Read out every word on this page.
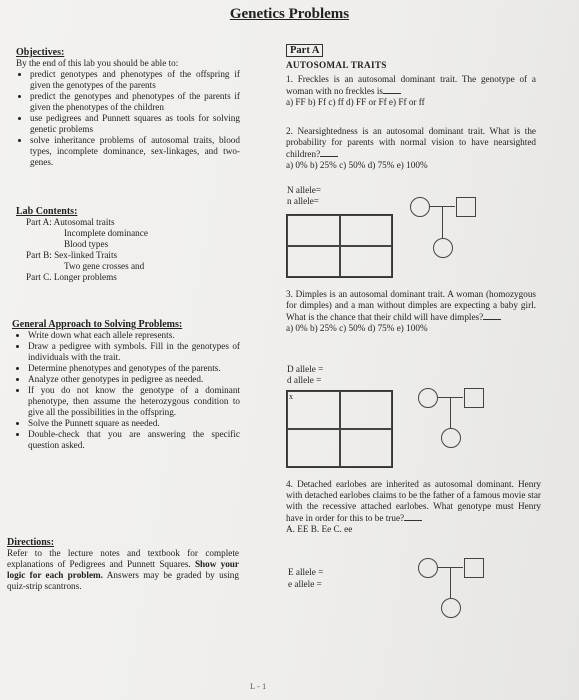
Genetics Problems
Objectives:
By the end of this lab you should be able to:
• predict genotypes and phenotypes of the offspring if given the genotypes of the parents
• predict the genotypes and phenotypes of the parents if given the phenotypes of the children
• use pedigrees and Punnett squares as tools for solving genetic problems
• solve inheritance problems of autosomal traits, blood types, incomplete dominance, sex-linkages, and two-genes.
Lab Contents:
Part A: Autosomal traits
Incomplete dominance
Blood types
Part B: Sex-linked Traits
Two gene crosses and
Part C. Longer problems
General Approach to Solving Problems:
• Write down what each allele represents.
• Draw a pedigree with symbols. Fill in the genotypes of individuals with the trait.
• Determine phenotypes and genotypes of the parents.
• Analyze other genotypes in pedigree as needed.
• If you do not know the genotype of a dominant phenotype, then assume the heterozygous condition to give all the possibilities in the offspring.
• Solve the Punnett square as needed.
• Double-check that you are answering the specific question asked.
Directions:
Refer to the lecture notes and textbook for complete explanations of Pedigrees and Punnett Squares. Show your logic for each problem. Answers may be graded by using quiz-strip scantrons.
Part A
AUTOSOMAL TRAITS
1. Freckles is an autosomal dominant trait. The genotype of a woman with no freckles is
a) FF b) Ff c) ff d) FF or Ff e) Ff or ff
2. Nearsightedness is an autosomal dominant trait. What is the probability for parents with normal vision to have nearsighted children?
a) 0% b) 25% c) 50% d) 75% e) 100%
N allele=
n allele=
3. Dimples is an autosomal dominant trait. A woman (homozygous for dimples) and a man without dimples are expecting a baby girl. What is the chance that their child will have dimples?
a) 0% b) 25% c) 50% d) 75% e) 100%
D allele =
d allele =
x
4. Detached earlobes are inherited as autosomal dominant. Henry with detached earlobes claims to be the father of a famous movie star with the recessive attached earlobes. What genotype must Henry have in order for this to be true?
A. EE B. Ee C. ee
E allele =
e allele =
L - 1
